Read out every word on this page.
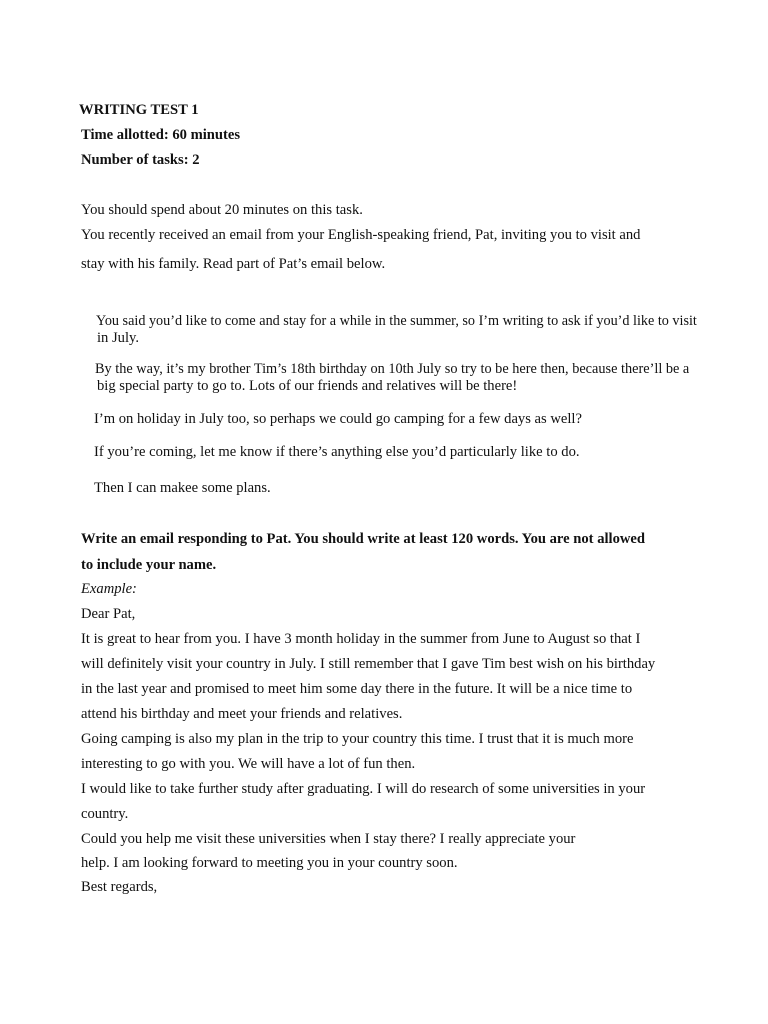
WRITING TEST 1
Time allotted: 60 minutes
Number of tasks: 2
You should spend about 20 minutes on this task.
You recently received an email from your English-speaking friend, Pat, inviting you to visit and
stay with his family. Read part of Pat’s email below.
You said you’d like to come and stay for a while in the summer, so I’m writing to ask if you’d like to visit
in July.
By the way, it’s my brother Tim’s 18th birthday on 10th July so try to be here then, because there’ll be a
big special party to go to. Lots of our friends and relatives will be there!
I’m on holiday in July too, so perhaps we could go camping for a few days as well?
If you’re coming, let me know if there’s anything else you’d particularly like to do.
Then I can makee some plans.
Write an email responding to Pat. You should write at least 120 words. You are not allowed
to include your name.
Example:
Dear Pat,
It is great to hear from you. I have 3 month holiday in the summer from June to August so that I
will definitely visit your country in July. I still remember that I gave Tim best wish on his birthday
in the last year and promised to meet him some day there in the future. It will be a nice time to
attend his birthday and meet your friends and relatives.
Going camping is also my plan in the trip to your country this time. I trust that it is much more
interesting to go with you. We will have a lot of fun then.
I would like to take further study after graduating. I will do research of some universities in your
country.
Could you help me visit these universities when I stay there? I really appreciate your
help. I am looking forward to meeting you in your country soon.
Best regards,
